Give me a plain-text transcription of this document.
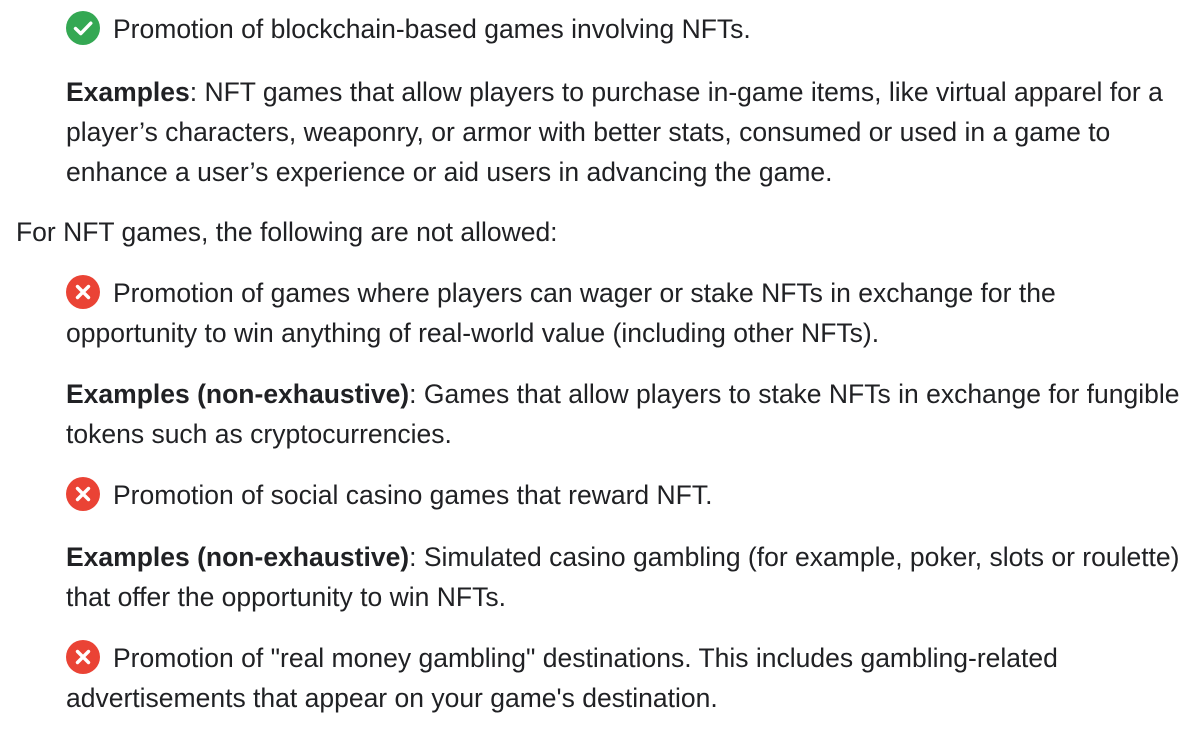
Promotion of blockchain-based games involving NFTs.
Examples: NFT games that allow players to purchase in-game items, like virtual apparel for a player’s characters, weaponry, or armor with better stats, consumed or used in a game to enhance a user’s experience or aid users in advancing the game.
For NFT games, the following are not allowed:
Promotion of games where players can wager or stake NFTs in exchange for the opportunity to win anything of real-world value (including other NFTs).
Examples (non-exhaustive): Games that allow players to stake NFTs in exchange for fungible tokens such as cryptocurrencies.
Promotion of social casino games that reward NFT.
Examples (non-exhaustive): Simulated casino gambling (for example, poker, slots or roulette) that offer the opportunity to win NFTs.
Promotion of "real money gambling" destinations. This includes gambling-related advertisements that appear on your game's destination.
